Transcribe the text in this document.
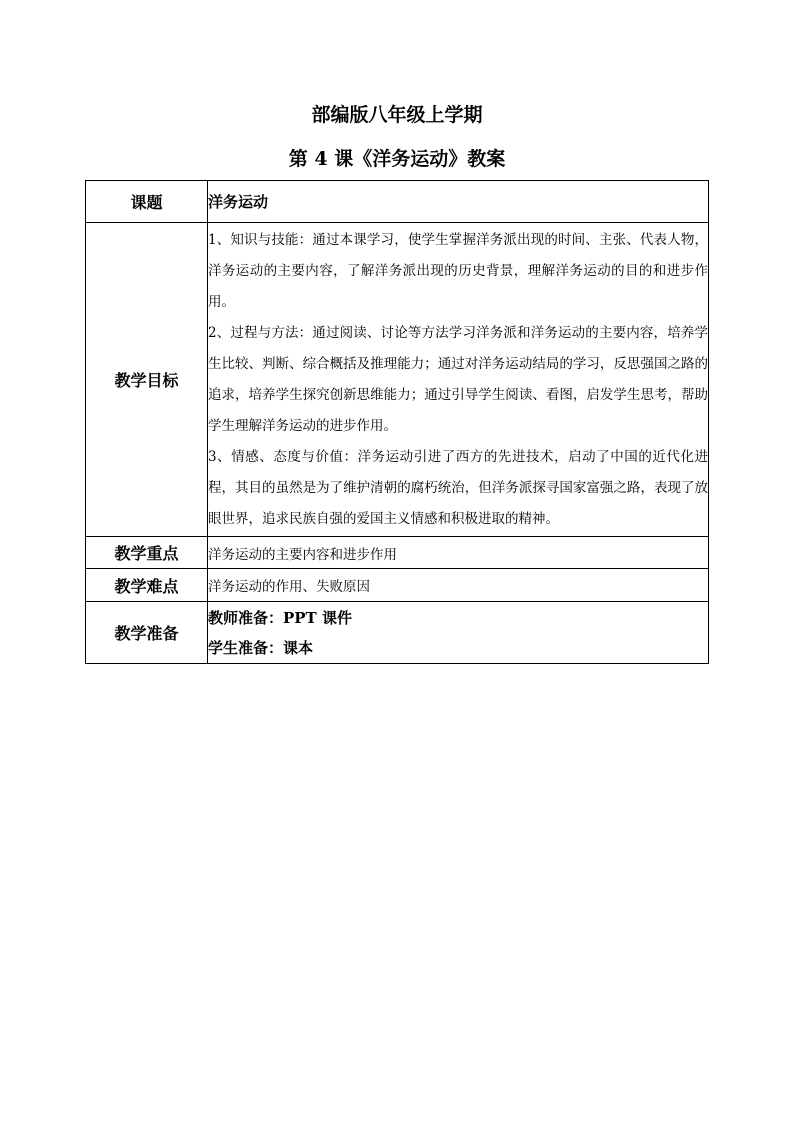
部编版八年级上学期
第 4 课《洋务运动》教案
课题	洋务运动
教学目标	1、知识与技能：通过本课学习，使学生掌握洋务派出现的时间、主张、代表人物，洋务运动的主要内容，了解洋务派出现的历史背景，理解洋务运动的目的和进步作用。

2、过程与方法：通过阅读、讨论等方法学习洋务派和洋务运动的主要内容，培养学生比较、判断、综合概括及推理能力；通过对洋务运动结局的学习，反思强国之路的追求，培养学生探究创新思维能力；通过引导学生阅读、看图，启发学生思考，帮助学生理解洋务运动的进步作用。

3、情感、态度与价值：洋务运动引进了西方的先进技术，启动了中国的近代化进程，其目的虽然是为了维护清朝的腐朽统治，但洋务派探寻国家富强之路，表现了放眼世界，追求民族自强的爱国主义情感和积极进取的精神。

教学重点	洋务运动的主要内容和进步作用
教学难点	洋务运动的作用、失败原因
教学准备	教师准备：PPT 课件

学生准备：课本
